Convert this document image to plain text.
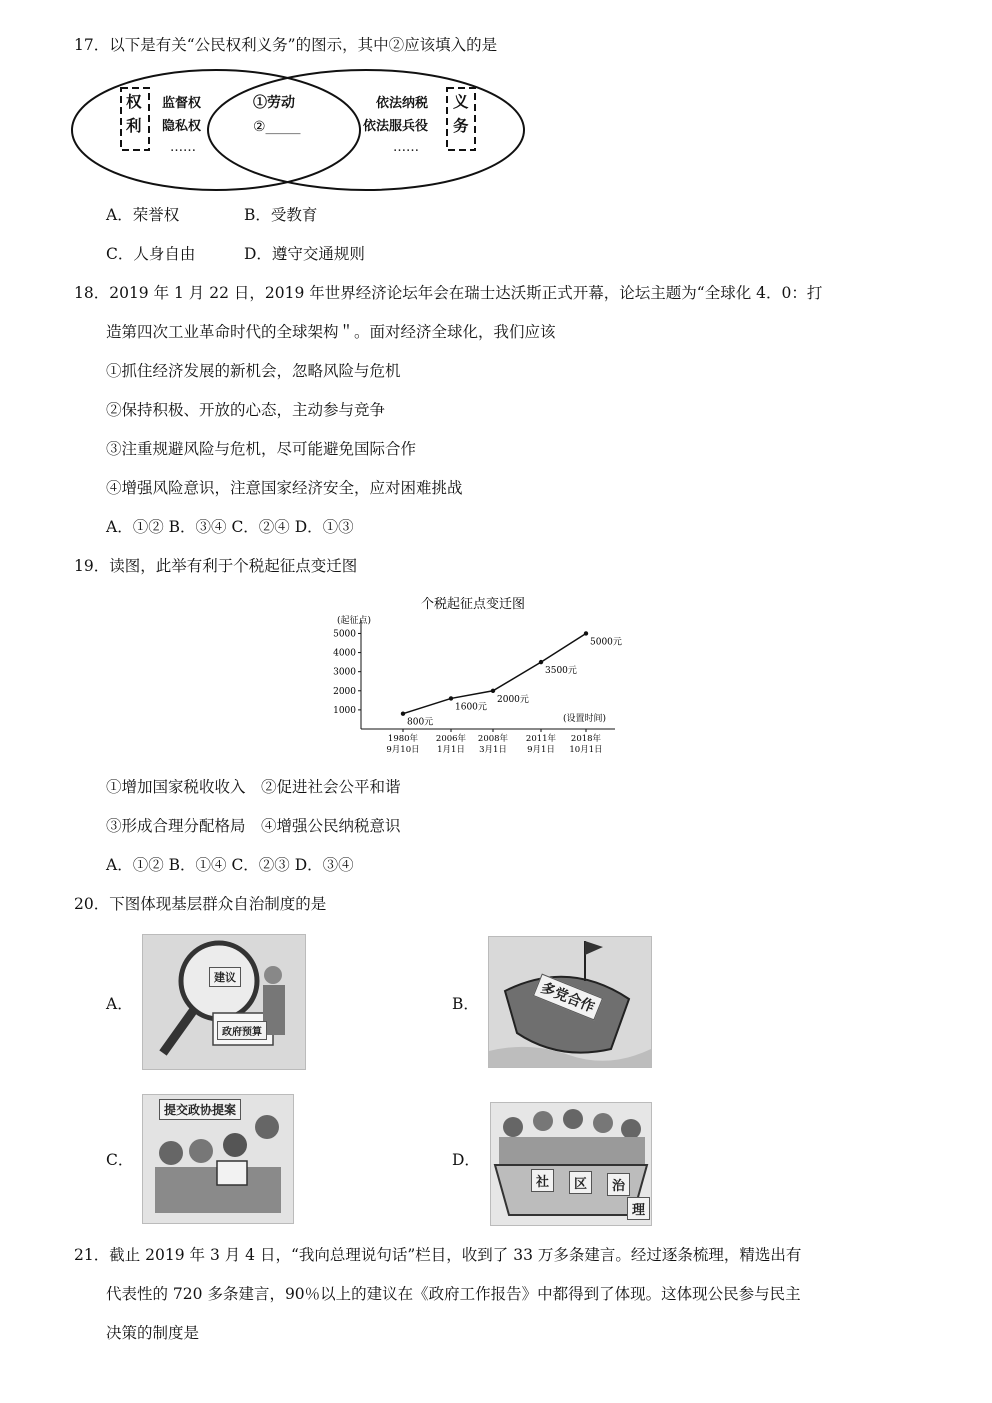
17．以下是有关“公民权利义务”的图示，其中②应该填入的是
权
利
监督权
隐私权
……
①劳动
②_____
依法纳税
依法服兵役
……
义
务
A．荣誉权	B．受教育
C．人身自由	D．遵守交通规则
18．2019 年 1 月 22 日，2019 年世界经济论坛年会在瑞士达沃斯正式开幕，论坛主题为“全球化 4．0：打
造第四次工业革命时代的全球架构＂。面对经济全球化，我们应该
①抓住经济发展的新机会，忽略风险与危机
②保持积极、开放的心态，主动参与竞争
③注重规避风险与危机，尽可能避免国际合作
④增强风险意识，注意国家经济安全，应对困难挑战
A．①② B．③④ C．②④ D．①③
19．读图，此举有利于个税起征点变迁图
个税起征点变迁图
(起征点)
(设置时间)
1000
2000
3000
4000
5000
1980年
9月10日
2006年
1月1日
2008年
3月1日
2011年
9月1日
2018年
10月1日
800元
1600元
2000元
3500元
5000元
①增加国家税收收入　②促进社会公平和谐
③形成合理分配格局　④增强公民纳税意识
A．①② B．①④ C．②③ D．③④
20．下图体现基层群众自治制度的是
A．
建议
政府预算
B．	多党合作
C．
提交政协提案
D．
社	区	治
理
21．截止 2019 年 3 月 4 日，“我向总理说句话”栏目，收到了 33 万多条建言。经过逐条梳理，精选出有
代表性的 720 多条建言，90％以上的建议在《政府工作报告》中都得到了体现。这体现公民参与民主
决策的制度是
